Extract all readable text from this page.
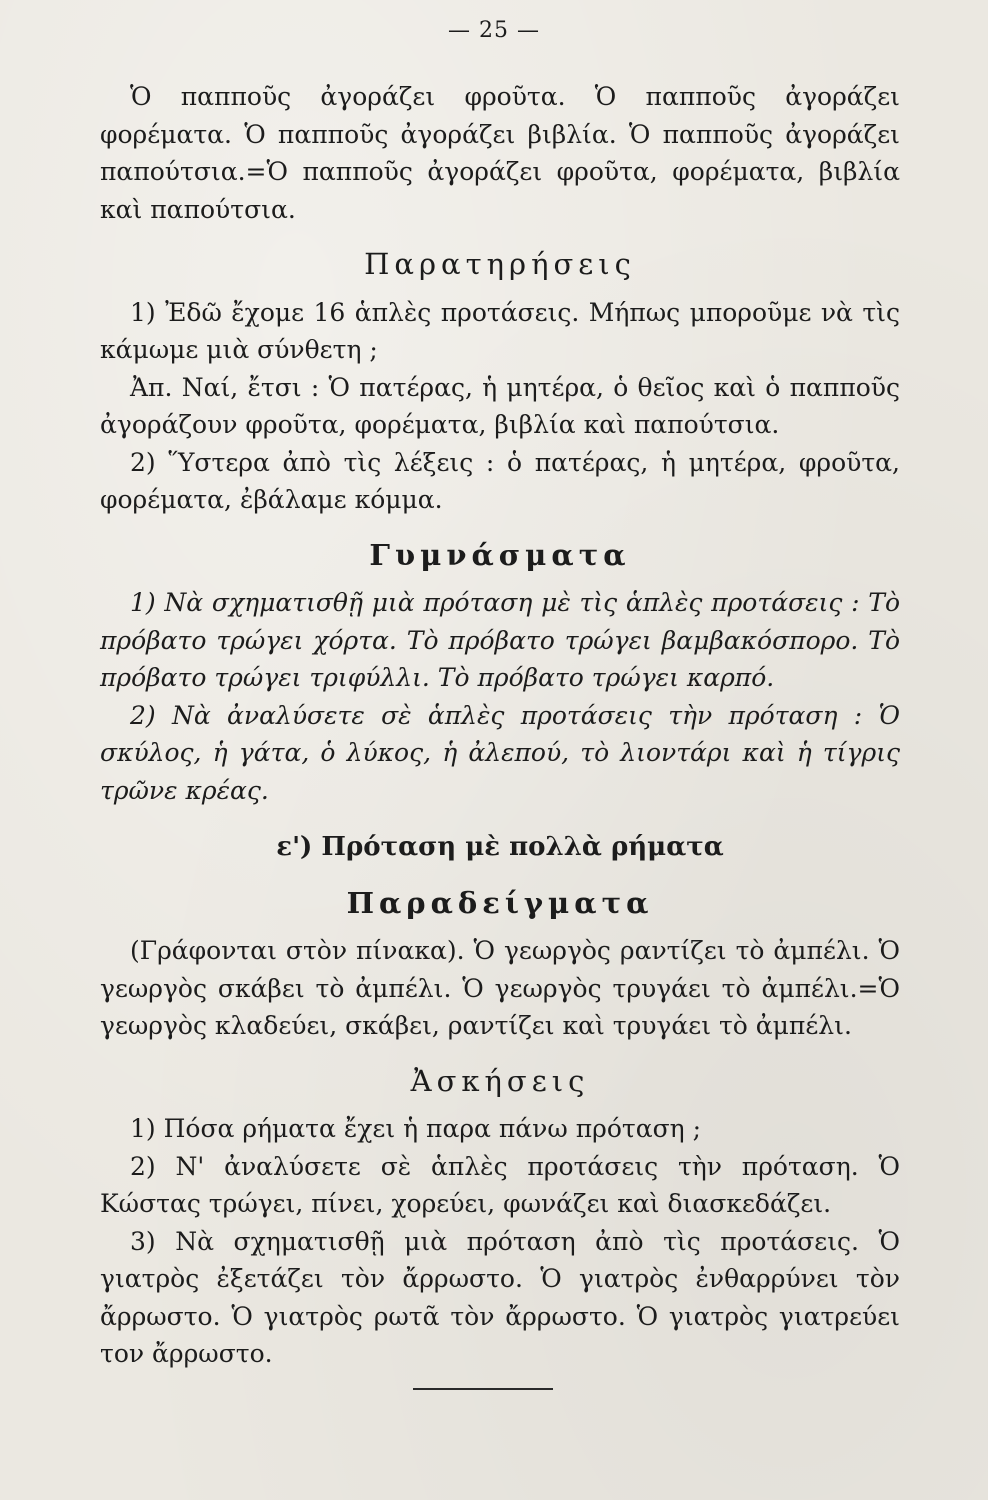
— 25 —

Ὁ παπποῦς ἀγοράζει φροῦτα. Ὁ παπποῦς ἀγοράζει φορέματα. Ὁ παπποῦς ἀγοράζει βιβλία. Ὁ παπποῦς ἀγοράζει παπούτσια.=Ὁ παπποῦς ἀγοράζει φροῦτα, φορέματα, βιβλία καὶ παπούτσια.

Παρατηρήσεις

1) Ἐδῶ ἔχομε 16 ἁπλὲς προτάσεις. Μήπως μποροῦμε νὰ τὶς κάμωμε μιὰ σύνθετη ;

Ἀπ. Ναί, ἔτσι : Ὁ πατέρας, ἡ μητέρα, ὁ θεῖος καὶ ὁ παπποῦς ἀγοράζουν φροῦτα, φορέματα, βιβλία καὶ παπούτσια.

2) Ὕστερα ἀπὸ τὶς λέξεις : ὁ πατέρας, ἡ μητέρα, φροῦτα, φορέματα, ἐβάλαμε κόμμα.

Γυμνάσματα

1) Νὰ σχηματισθῇ μιὰ πρόταση μὲ τὶς ἁπλὲς προτάσεις : Τὸ πρόβατο τρώγει χόρτα. Τὸ πρόβατο τρώγει βαμβακόσπορο. Τὸ πρόβατο τρώγει τριφύλλι. Τὸ πρόβατο τρώγει καρπό.

2) Νὰ ἀναλύσετε σὲ ἁπλὲς προτάσεις τὴν πρόταση : Ὁ σκύλος, ἡ γάτα, ὁ λύκος, ἡ ἀλεπού, τὸ λιοντάρι καὶ ἡ τίγρις τρῶνε κρέας.

ε') Πρόταση μὲ πολλὰ ρήματα
Παραδείγματα

(Γράφονται στὸν πίνακα). Ὁ γεωργὸς ραντίζει τὸ ἀμπέλι. Ὁ γεωργὸς σκάβει τὸ ἀμπέλι. Ὁ γεωργὸς τρυγάει τὸ ἀμπέλι.=Ὁ γεωργὸς κλαδεύει, σκάβει, ραντίζει καὶ τρυγάει τὸ ἀμπέλι.

Ἀσκήσεις

1) Πόσα ρήματα ἔχει ἡ παρα πάνω πρόταση ;

2) Ν' ἀναλύσετε σὲ ἁπλὲς προτάσεις τὴν πρόταση. Ὁ Κώστας τρώγει, πίνει, χορεύει, φωνάζει καὶ διασκεδάζει.

3) Νὰ σχηματισθῇ μιὰ πρόταση ἀπὸ τὶς προτάσεις. Ὁ γιατρὸς ἐξετάζει τὸν ἄρρωστο. Ὁ γιατρὸς ἐνθαρρύνει τὸν ἄρρωστο. Ὁ γιατρὸς ρωτᾶ τὸν ἄρρωστο. Ὁ γιατρὸς γιατρεύει τον ἄρρωστο.
